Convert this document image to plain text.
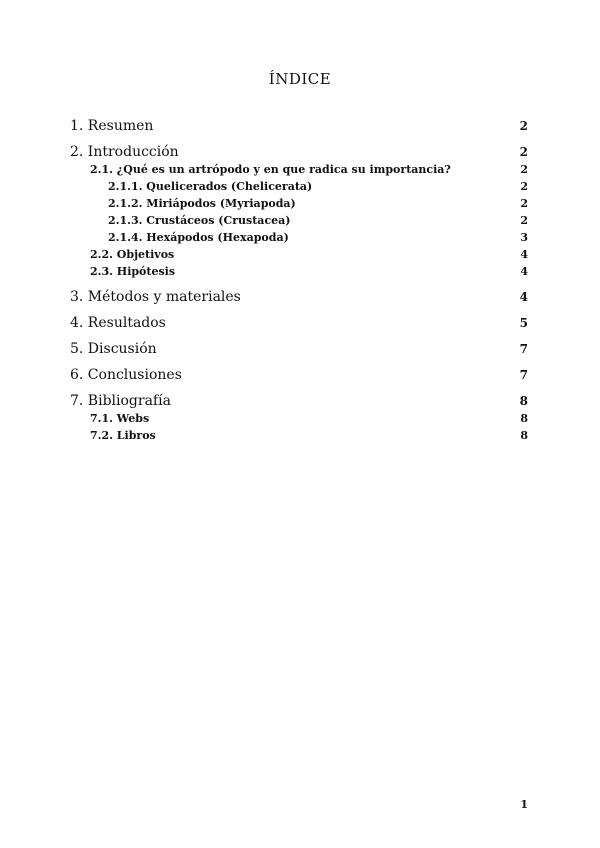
ÍNDICE
1. Resumen	2
2. Introducción	2
2.1. ¿Qué es un artrópodo y en que radica su importancia?	2
2.1.1. Quelicerados (Chelicerata)	2
2.1.2. Miriápodos (Myriapoda)	2
2.1.3. Crustáceos (Crustacea)	2
2.1.4. Hexápodos (Hexapoda)	3
2.2. Objetivos	4
2.3. Hipótesis	4
3. Métodos y materiales	4
4. Resultados	5
5. Discusión	7
6. Conclusiones	7
7. Bibliografía	8
7.1. Webs	8
7.2. Libros	8
1
